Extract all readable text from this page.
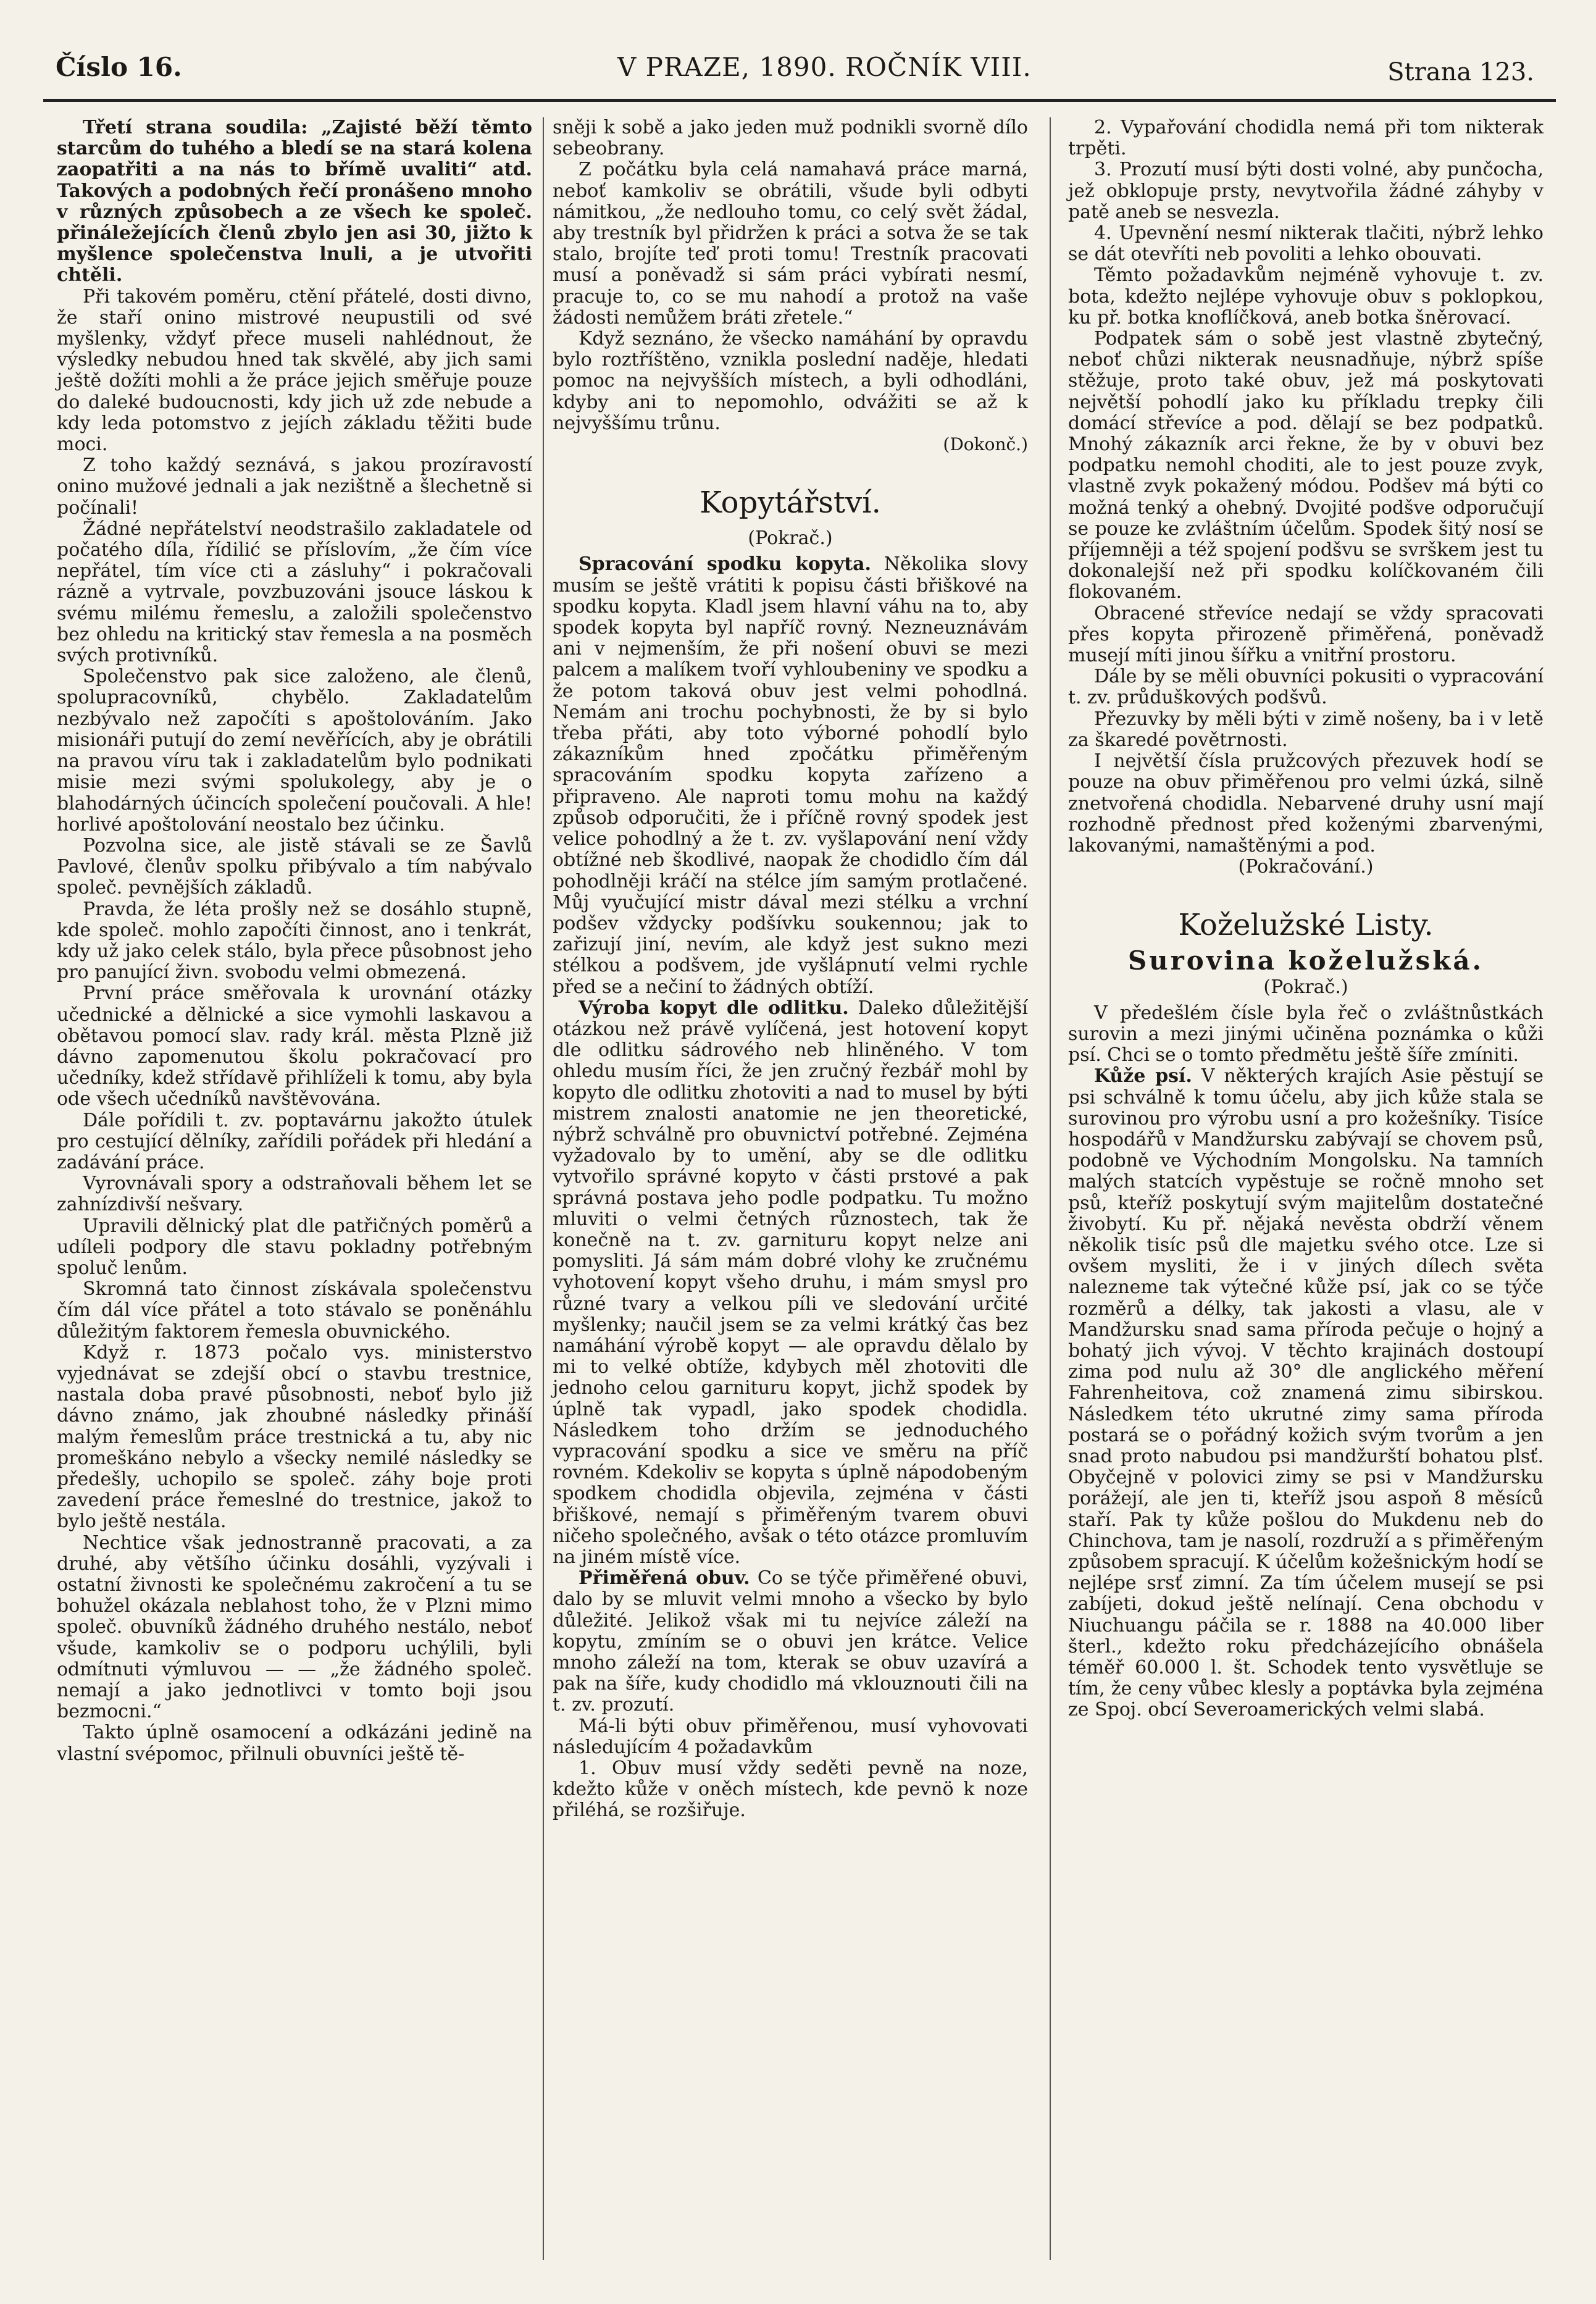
Číslo 16.	V PRAZE, 1890. ROČNÍK VIII.	Strana 123.

Třetí strana soudila: „Zajisté běží těmto starcům do tuhého a bledí se na stará kolena zaopatřiti a na nás to břímě uvaliti“ atd. Takových a podobných řečí pronášeno mnoho v různých způsobech a ze všech ke společ. přináležejících členů zbylo jen asi 30, jižto k myšlence společenstva lnuli, a je utvořiti chtěli.

Při takovém poměru, ctění přátelé, dosti divno, že staří onino mistrové neupustili od své myšlenky, vždyť přece museli nahlédnout, že výsledky nebudou hned tak skvělé, aby jich sami ještě dožíti mohli a že práce jejich směřuje pouze do daleké budoucnosti, kdy jich už zde nebude a kdy leda potomstvo z jejích základu těžiti bude moci.

Z toho každý seznává, s jakou prozíravostí onino mužové jednali a jak nezištně a šlechetně si počínali!

Žádné nepřátelství neodstrašilo zakladatele od počatého díla, řídilić se příslovím, „že čím více nepřátel, tím více cti a zásluhy“ i pokračovali rázně a vytrvale, povzbuzováni jsouce láskou k svému milému řemeslu, a založili společenstvo bez ohledu na kritický stav řemesla a na posměch svých protivníků.

Společenstvo pak sice založeno, ale členů, spolupracovníků, chybělo. Zakladatelům nezbývalo než započíti s apoštolováním. Jako misionáři putují do zemí nevěřících, aby je obrátili na pravou víru tak i zakladatelům bylo podnikati misie mezi svými spolukolegy, aby je o blahodárných účincích společení poučovali. A hle! horlivé apoštolování neostalo bez účinku.

Pozvolna sice, ale jistě stávali se ze Šavlů Pavlové, členův spolku přibývalo a tím nabývalo společ. pevnějších základů.

Pravda, že léta prošly než se dosáhlo stupně, kde společ. mohlo započíti činnost, ano i tenkrát, kdy už jako celek stálo, byla přece působnost jeho pro panující živn. svobodu velmi obmezená.

První práce směřovala k urovnání otázky učednické a dělnické a sice vymohli laskavou a obětavou pomocí slav. rady král. města Plzně již dávno zapomenutou školu pokračovací pro učedníky, kdež střídavě přihlíželi k tomu, aby byla ode všech učedníků navštěvována.

Dále pořídili t. zv. poptavárnu jakožto útulek pro cestující dělníky, zařídili pořádek při hledání a zadávání práce.

Vyrovnávali spory a odstraňovali během let se zahnízdivší nešvary.

Upravili dělnický plat dle patřičných poměrů a udíleli podpory dle stavu pokladny potřebným spoluč lenům.

Skromná tato činnost získávala společenstvu čím dál více přátel a toto stávalo se poněnáhlu důležitým faktorem řemesla obuvnického.

Když r. 1873 počalo vys. ministerstvo vyjednávat se zdejší obcí o stavbu trestnice, nastala doba pravé působnosti, neboť bylo již dávno známo, jak zhoubné následky přináší malým řemeslům práce trestnická a tu, aby nic promeškáno nebylo a všecky nemilé následky se předešly, uchopilo se společ. záhy boje proti zavedení práce řemeslné do trestnice, jakož to bylo ještě nestála.

Nechtice však jednostranně pracovati, a za druhé, aby většího účinku dosáhli, vyzývali i ostatní živnosti ke společnému zakročení a tu se bohužel okázala neblahost toho, že v Plzni mimo společ. obuvníků žádného druhého nestálo, neboť všude, kamkoliv se o podporu uchýlili, byli odmítnuti výmluvou — — „že žádného společ. nemají a jako jednotlivci v tomto boji jsou bezmocni.“

Takto úplně osamocení a odkázáni jedině na vlastní svépomoc, přilnuli obuvníci ještě tě-

sněji k sobě a jako jeden muž podnikli svorně dílo sebeobrany.

Z počátku byla celá namahavá práce marná, neboť kamkoliv se obrátili, všude byli odbyti námitkou, „že nedlouho tomu, co celý svět žádal, aby trestník byl přidržen k práci a sotva že se tak stalo, brojíte teď proti tomu! Trestník pracovati musí a poněvadž si sám práci vybírati nesmí, pracuje to, co se mu nahodí a protož na vaše žádosti nemůžem bráti zřetele.“

Když seznáno, že všecko namáhání by opravdu bylo roztříštěno, vznikla poslední naděje, hledati pomoc na nejvyšších místech, a byli odhodláni, kdyby ani to nepomohlo, odvážiti se až k nejvyššímu trůnu.

(Dokonč.)

Kopytářství.
(Pokrač.)

Spracování spodku kopyta. Několika slovy musím se ještě vrátiti k popisu části břiškové na spodku kopyta. Kladl jsem hlavní váhu na to, aby spodek kopyta byl napříč rovný. Nezneuznávám ani v nejmenším, že při nošení obuvi se mezi palcem a malíkem tvoří vyhloubeniny ve spodku a že potom taková obuv jest velmi pohodlná. Nemám ani trochu pochybnosti, že by si bylo třeba přáti, aby toto výborné pohodlí bylo zákazníkům hned zpočátku přiměřeným spracováním spodku kopyta zařízeno a připraveno. Ale naproti tomu mohu na každý způsob odporučiti, že i příčně rovný spodek jest velice pohodlný a že t. zv. vyšlapování není vždy obtížné neb škodlivé, naopak že chodidlo čím dál pohodlněji kráčí na stélce jím samým protlačené. Můj vyučující mistr dával mezi stélku a vrchní podšev vždycky podšívku soukennou; jak to zařizují jiní, nevím, ale když jest sukno mezi stélkou a podšvem, jde vyšlápnutí velmi rychle před se a nečiní to žádných obtíží.

Výroba kopyt dle odlitku. Daleko důležitější otázkou než právě vylíčená, jest hotovení kopyt dle odlitku sádrového neb hliněného. V tom ohledu musím říci, že jen zručný řezbář mohl by kopyto dle odlitku zhotoviti a nad to musel by býti mistrem znalosti anatomie ne jen theoretické, nýbrž schválně pro obuvnictví potřebné. Zejména vyžadovalo by to umění, aby se dle odlitku vytvořilo správné kopyto v části prstové a pak správná postava jeho podle podpatku. Tu možno mluviti o velmi četných různostech, tak že konečně na t. zv. garnituru kopyt nelze ani pomysliti. Já sám mám dobré vlohy ke zručnému vyhotovení kopyt všeho druhu, i mám smysl pro různé tvary a velkou píli ve sledování určité myšlenky; naučil jsem se za velmi krátký čas bez namáhání výrobě kopyt — ale opravdu dělalo by mi to velké obtíže, kdybych měl zhotoviti dle jednoho celou garnituru kopyt, jichž spodek by úplně tak vypadl, jako spodek chodidla. Následkem toho držím se jednoduchého vypracování spodku a sice ve směru na příč rovném. Kdekoliv se kopyta s úplně nápodobeným spodkem chodidla objevila, zejména v části břiškové, nemají s přiměřeným tvarem obuvi ničeho společného, avšak o této otázce promluvím na jiném místě více.

Přiměřená obuv. Co se týče přiměřené obuvi, dalo by se mluvit velmi mnoho a všecko by bylo důležité. Jelikož však mi tu nejvíce záleží na kopytu, zmíním se o obuvi jen krátce. Velice mnoho záleží na tom, kterak se obuv uzavírá a pak na šíře, kudy chodidlo má vklouznouti čili na t. zv. prozutí.

Má-li býti obuv přiměřenou, musí vyhovovati následujícím 4 požadavkům

1. Obuv musí vždy seděti pevně na noze, kdežto kůže v oněch místech, kde pevnö k noze přiléhá, se rozšiřuje.

2. Vypařování chodidla nemá při tom nikterak trpěti.

3. Prozutí musí býti dosti volné, aby punčocha, jež obklopuje prsty, nevytvořila žádné záhyby v patě aneb se nesvezla.

4. Upevnění nesmí nikterak tlačiti, nýbrž lehko se dát otevříti neb povoliti a lehko obouvati.

Těmto požadavkům nejméně vyhovuje t. zv. bota, kdežto nejlépe vyhovuje obuv s poklopkou, ku př. botka knoflíčková, aneb botka šněrovací.

Podpatek sám o sobě jest vlastně zbytečný, neboť chůzi nikterak neusnadňuje, nýbrž spíše stěžuje, proto také obuv, jež má poskytovati největší pohodlí jako ku příkladu trepky čili domácí střevíce a pod. dělají se bez podpatků. Mnohý zákazník arci řekne, že by v obuvi bez podpatku nemohl choditi, ale to jest pouze zvyk, vlastně zvyk pokažený módou. Podšev má býti co možná tenký a ohebný. Dvojité podšve odporučují se pouze ke zvláštním účelům. Spodek šitý nosí se příjemněji a též spojení podšvu se svrškem jest tu dokonalejší než při spodku kolíčkovaném čili flokovaném.

Obracené střevíce nedají se vždy spracovati přes kopyta přirozeně přiměřená, poněvadž musejí míti jinou šířku a vnitřní prostoru.

Dále by se měli obuvníci pokusiti o vypracování t. zv. průduškových podšvů.

Přezuvky by měli býti v zimě nošeny, ba i v letě za škaredé povětrnosti.

I největší čísla pružcových přezuvek hodí se pouze na obuv přiměřenou pro velmi úzká, silně znetvořená chodidla. Nebarvené druhy usní mají rozhodně přednost před koženými zbarvenými, lakovanými, namaštěnými a pod.

(Pokračování.)
Koželužské Listy.
Surovina koželužská.
(Pokrač.)

V předešlém čísle byla řeč o zvláštnůstkách surovin a mezi jinými učiněna poznámka o kůži psí. Chci se o tomto předmětu ještě šíře zmíniti.

Kůže psí. V některých krajích Asie pěstují se psi schválně k tomu účelu, aby jich kůže stala se surovinou pro výrobu usní a pro kožešníky. Tisíce hospodářů v Mandžursku zabývají se chovem psů, podobně ve Východním Mongolsku. Na tamních malých statcích vypěstuje se ročně mnoho set psů, kteříž poskytují svým majitelům dostatečné živobytí. Ku př. nějaká nevěsta obdrží věnem několik tisíc psů dle majetku svého otce. Lze si ovšem mysliti, že i v jiných dílech světa nalezneme tak výtečné kůže psí, jak co se týče rozměrů a délky, tak jakosti a vlasu, ale v Mandžursku snad sama příroda pečuje o hojný a bohatý jich vývoj. V těchto krajinách dostoupí zima pod nulu až 30° dle anglického měření Fahrenheitova, což znamená zimu sibirskou. Následkem této ukrutné zimy sama příroda postará se o pořádný kožich svým tvorům a jen snad proto nabudou psi mandžurští bohatou plsť. Obyčejně v polovici zimy se psi v Mandžursku porážejí, ale jen ti, kteříž jsou aspoň 8 měsíců staří. Pak ty kůže pošlou do Mukdenu neb do Chinchova, tam je nasolí, rozdruží a s přiměřeným způsobem spracují. K účelům kožešnickým hodí se nejlépe srsť zimní. Za tím účelem musejí se psi zabíjeti, dokud ještě nelínají. Cena obchodu v Niuchuangu páčila se r. 1888 na 40.000 liber šterl., kdežto roku předcházejícího obnášela téměř 60.000 l. št. Schodek tento vysvětluje se tím, že ceny vůbec klesly a poptávka byla zejména ze Spoj. obcí Severoamerických velmi slabá.
